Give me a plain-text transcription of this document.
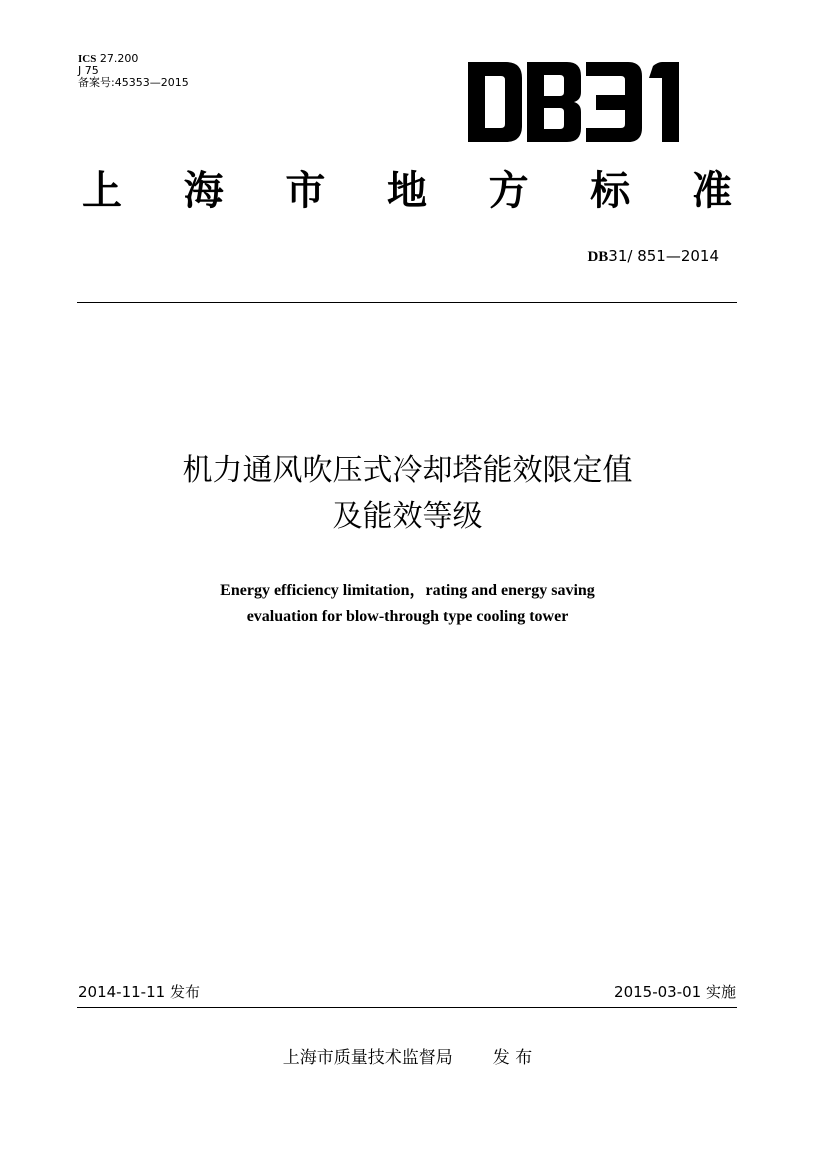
ICS 27.200
J 75
备案号:45353—2015
上 海 市 地 方 标 准
DB31/ 851—2014
机力通风吹压式冷却塔能效限定值
及能效等级
Energy efficiency limitation，rating and energy saving
evaluation for blow-through type cooling tower
2014-11-11 发布	2015-03-01 实施
上海市质量技术监督局 发 布
